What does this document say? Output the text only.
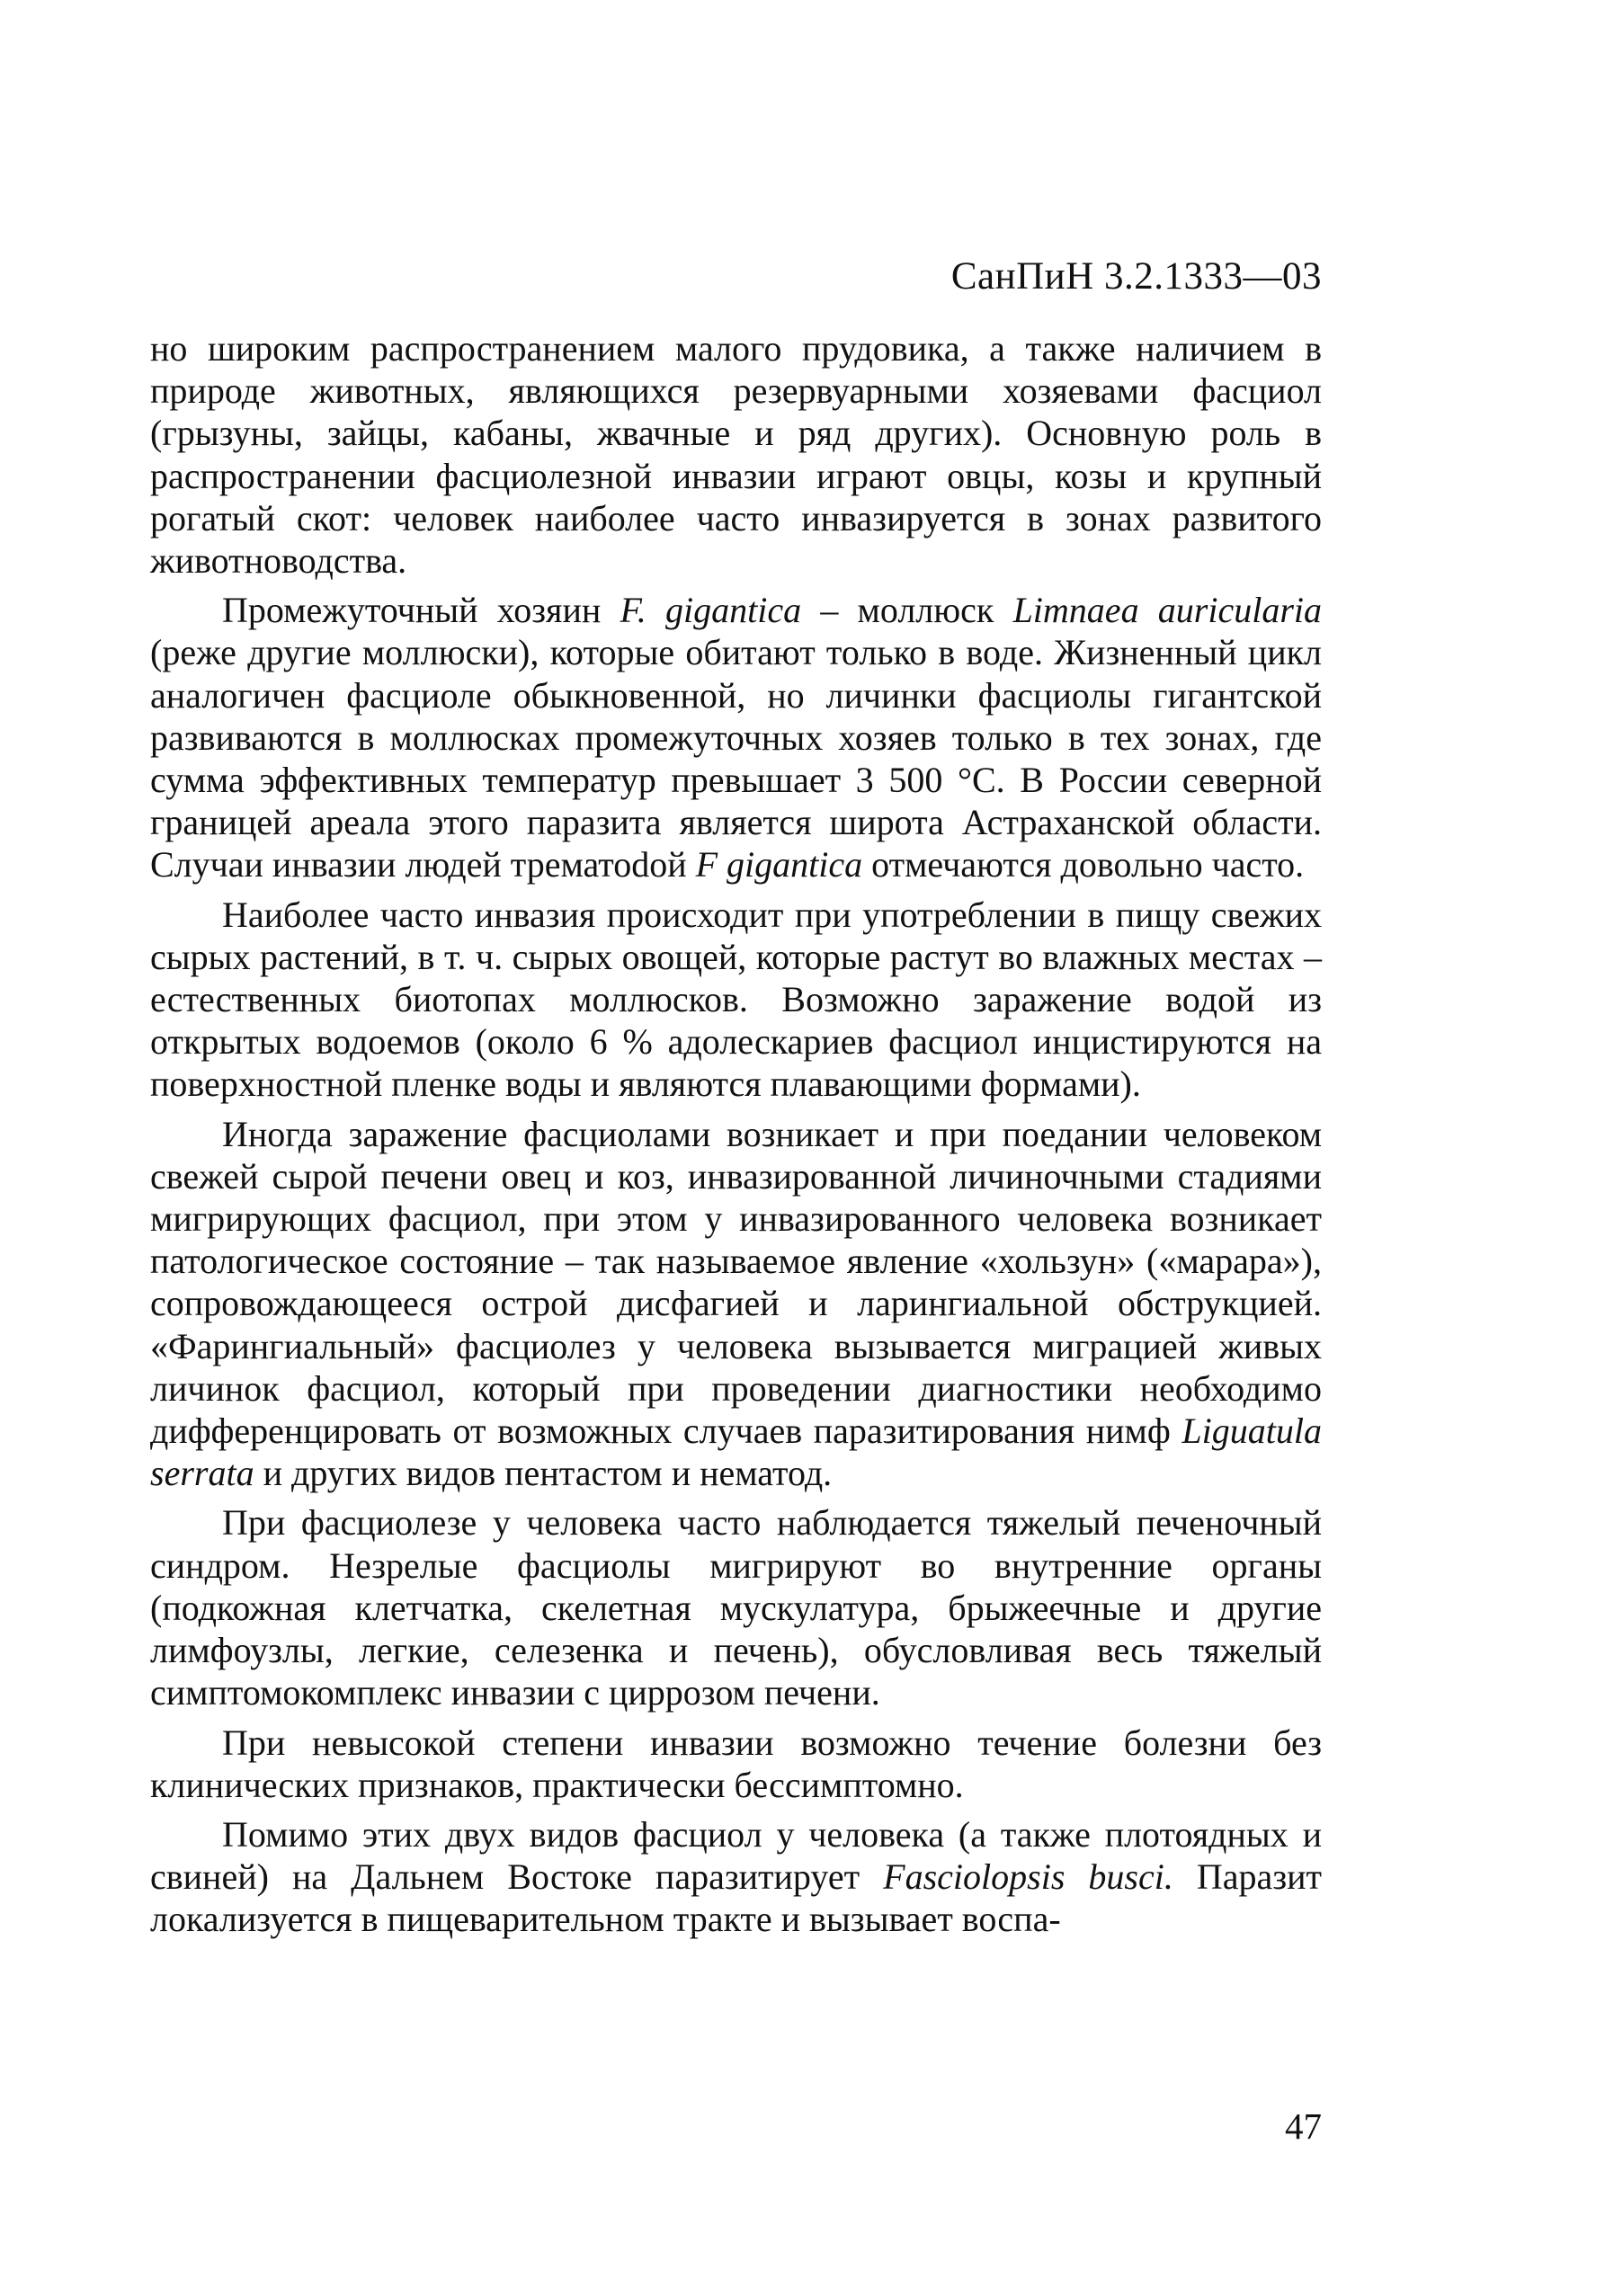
СанПиН 3.2.1333—03

но широким распространением малого прудовика, а также наличием в природе животных, являющихся резервуарными хозяевами фасциол (грызуны, зайцы, кабаны, жвачные и ряд других). Основную роль в распространении фасциолезной инвазии играют овцы, козы и крупный рогатый скот: человек наиболее часто инвазируется в зонах развитого животноводства.

Промежуточный хозяин F. gigantica – моллюск Limnaea auricularia (реже другие моллюски), которые обитают только в воде. Жизненный цикл аналогичен фасциоле обыкновенной, но личинки фасциолы гигантской развиваются в моллюсках промежуточных хозяев только в тех зонах, где сумма эффективных температур превышает 3 500 °С. В России северной границей ареала этого паразита является широта Астраханской области. Случаи инвазии людей трематоdой F gigantica отмечаются довольно часто.

Наиболее часто инвазия происходит при употреблении в пищу свежих сырых растений, в т. ч. сырых овощей, которые растут во влажных местах – естественных биотопах моллюсков. Возможно заражение водой из открытых водоемов (около 6 % адолескариев фасциол инцистируются на поверхностной пленке воды и являются плавающими формами).

Иногда заражение фасциолами возникает и при поедании человеком свежей сырой печени овец и коз, инвазированной личиночными стадиями мигрирующих фасциол, при этом у инвазированного человека возникает патологическое состояние – так называемое явление «хользун» («марара»), сопровождающееся острой дисфагией и ларингиальной обструкцией. «Фарингиальный» фасциолез у человека вызывается миграцией живых личинок фасциол, который при проведении диагностики необходимо дифференцировать от возможных случаев паразитирования нимф Liguatula serrata и других видов пентастом и нематод.

При фасциолезе у человека часто наблюдается тяжелый печеночный синдром. Незрелые фасциолы мигрируют во внутренние органы (подкожная клетчатка, скелетная мускулатура, брыжеечные и другие лимфоузлы, легкие, селезенка и печень), обусловливая весь тяжелый симптомокомплекс инвазии с циррозом печени.

При невысокой степени инвазии возможно течение болезни без клинических признаков, практически бессимптомно.

Помимо этих двух видов фасциол у человека (а также плотоядных и свиней) на Дальнем Востоке паразитирует Fasciolopsis busci. Паразит локализуется в пищеварительном тракте и вызывает воспа-

47
